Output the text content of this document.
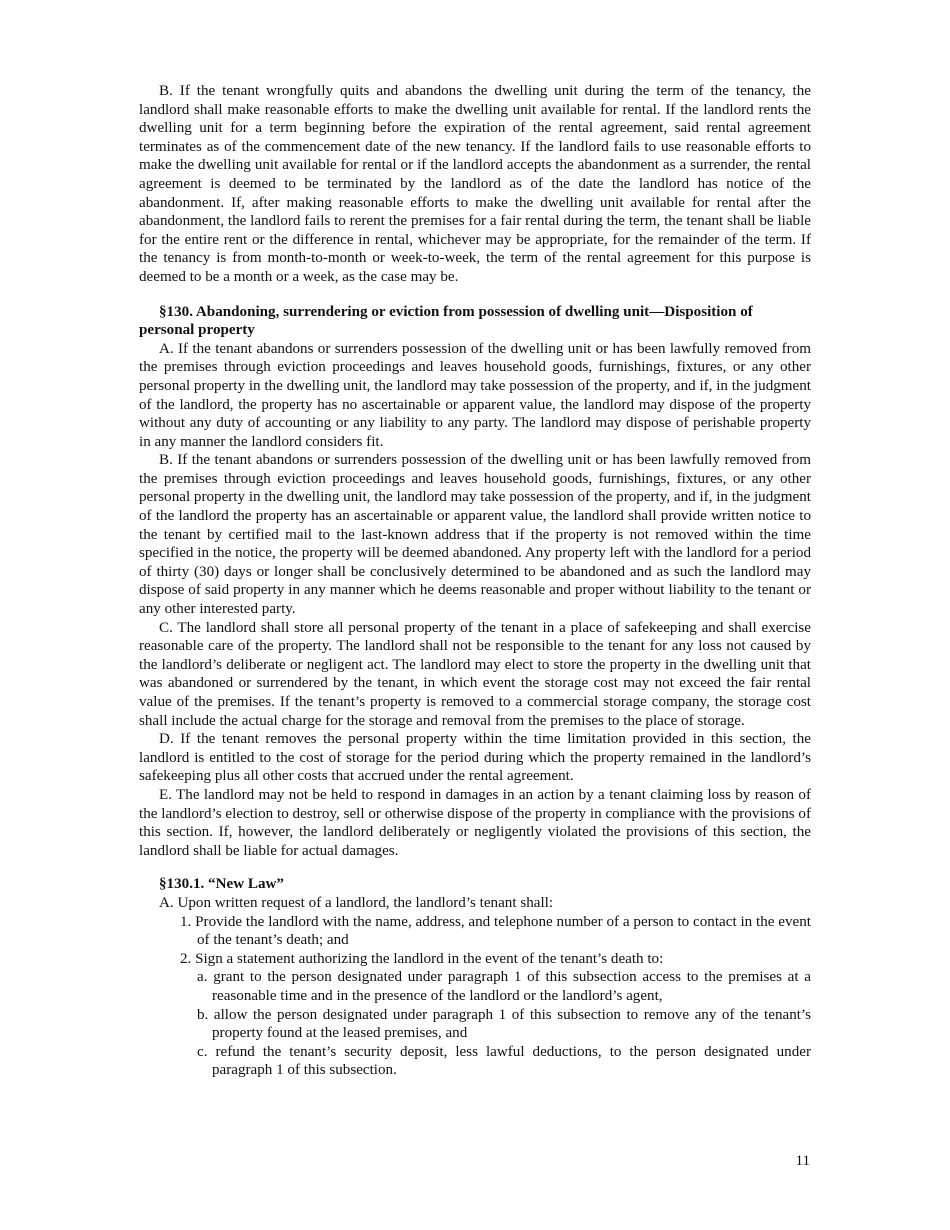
B. If the tenant wrongfully quits and abandons the dwelling unit during the term of the tenancy, the landlord shall make reasonable efforts to make the dwelling unit available for rental. If the landlord rents the dwelling unit for a term beginning before the expiration of the rental agreement, said rental agreement terminates as of the commencement date of the new tenancy. If the landlord fails to use reasonable efforts to make the dwelling unit available for rental or if the landlord accepts the abandonment as a surrender, the rental agreement is deemed to be terminated by the landlord as of the date the landlord has notice of the abandonment. If, after making reasonable efforts to make the dwelling unit available for rental after the abandonment, the landlord fails to rerent the premises for a fair rental during the term, the tenant shall be liable for the entire rent or the difference in rental, whichever may be appropriate, for the remainder of the term. If the tenancy is from month-to-month or week-to-week, the term of the rental agreement for this purpose is deemed to be a month or a week, as the case may be.

§130. Abandoning, surrendering or eviction from possession of dwelling unit—Disposition of personal property

A. If the tenant abandons or surrenders possession of the dwelling unit or has been lawfully removed from the premises through eviction proceedings and leaves household goods, furnishings, fixtures, or any other personal property in the dwelling unit, the landlord may take possession of the property, and if, in the judgment of the landlord, the property has no ascertainable or apparent value, the landlord may dispose of the property without any duty of accounting or any liability to any party. The landlord may dispose of perishable property in any manner the landlord considers fit.

B. If the tenant abandons or surrenders possession of the dwelling unit or has been lawfully removed from the premises through eviction proceedings and leaves household goods, furnishings, fixtures, or any other personal property in the dwelling unit, the landlord may take possession of the property, and if, in the judgment of the landlord the property has an ascertainable or apparent value, the landlord shall provide written notice to the tenant by certified mail to the last-known address that if the property is not removed within the time specified in the notice, the property will be deemed abandoned. Any property left with the landlord for a period of thirty (30) days or longer shall be conclusively determined to be abandoned and as such the landlord may dispose of said property in any manner which he deems reasonable and proper without liability to the tenant or any other interested party.

C. The landlord shall store all personal property of the tenant in a place of safekeeping and shall exercise reasonable care of the property. The landlord shall not be responsible to the tenant for any loss not caused by the landlord’s deliberate or negligent act. The landlord may elect to store the property in the dwelling unit that was abandoned or surrendered by the tenant, in which event the storage cost may not exceed the fair rental value of the premises. If the tenant’s property is removed to a commercial storage company, the storage cost shall include the actual charge for the storage and removal from the premises to the place of storage.

D. If the tenant removes the personal property within the time limitation provided in this section, the landlord is entitled to the cost of storage for the period during which the property remained in the landlord’s safekeeping plus all other costs that accrued under the rental agreement.

E. The landlord may not be held to respond in damages in an action by a tenant claiming loss by reason of the landlord’s election to destroy, sell or otherwise dispose of the property in compliance with the provisions of this section. If, however, the landlord deliberately or negligently violated the provisions of this section, the landlord shall be liable for actual damages.

§130.1. “New Law”

A. Upon written request of a landlord, the landlord’s tenant shall:

1. Provide the landlord with the name, address, and telephone number of a person to contact in the event of the tenant’s death; and

2. Sign a statement authorizing the landlord in the event of the tenant’s death to:

a. grant to the person designated under paragraph 1 of this subsection access to the premises at a reasonable time and in the presence of the landlord or the landlord’s agent,

b. allow the person designated under paragraph 1 of this subsection to remove any of the tenant’s property found at the leased premises, and

c. refund the tenant’s security deposit, less lawful deductions, to the person designated under paragraph 1 of this subsection.

11
